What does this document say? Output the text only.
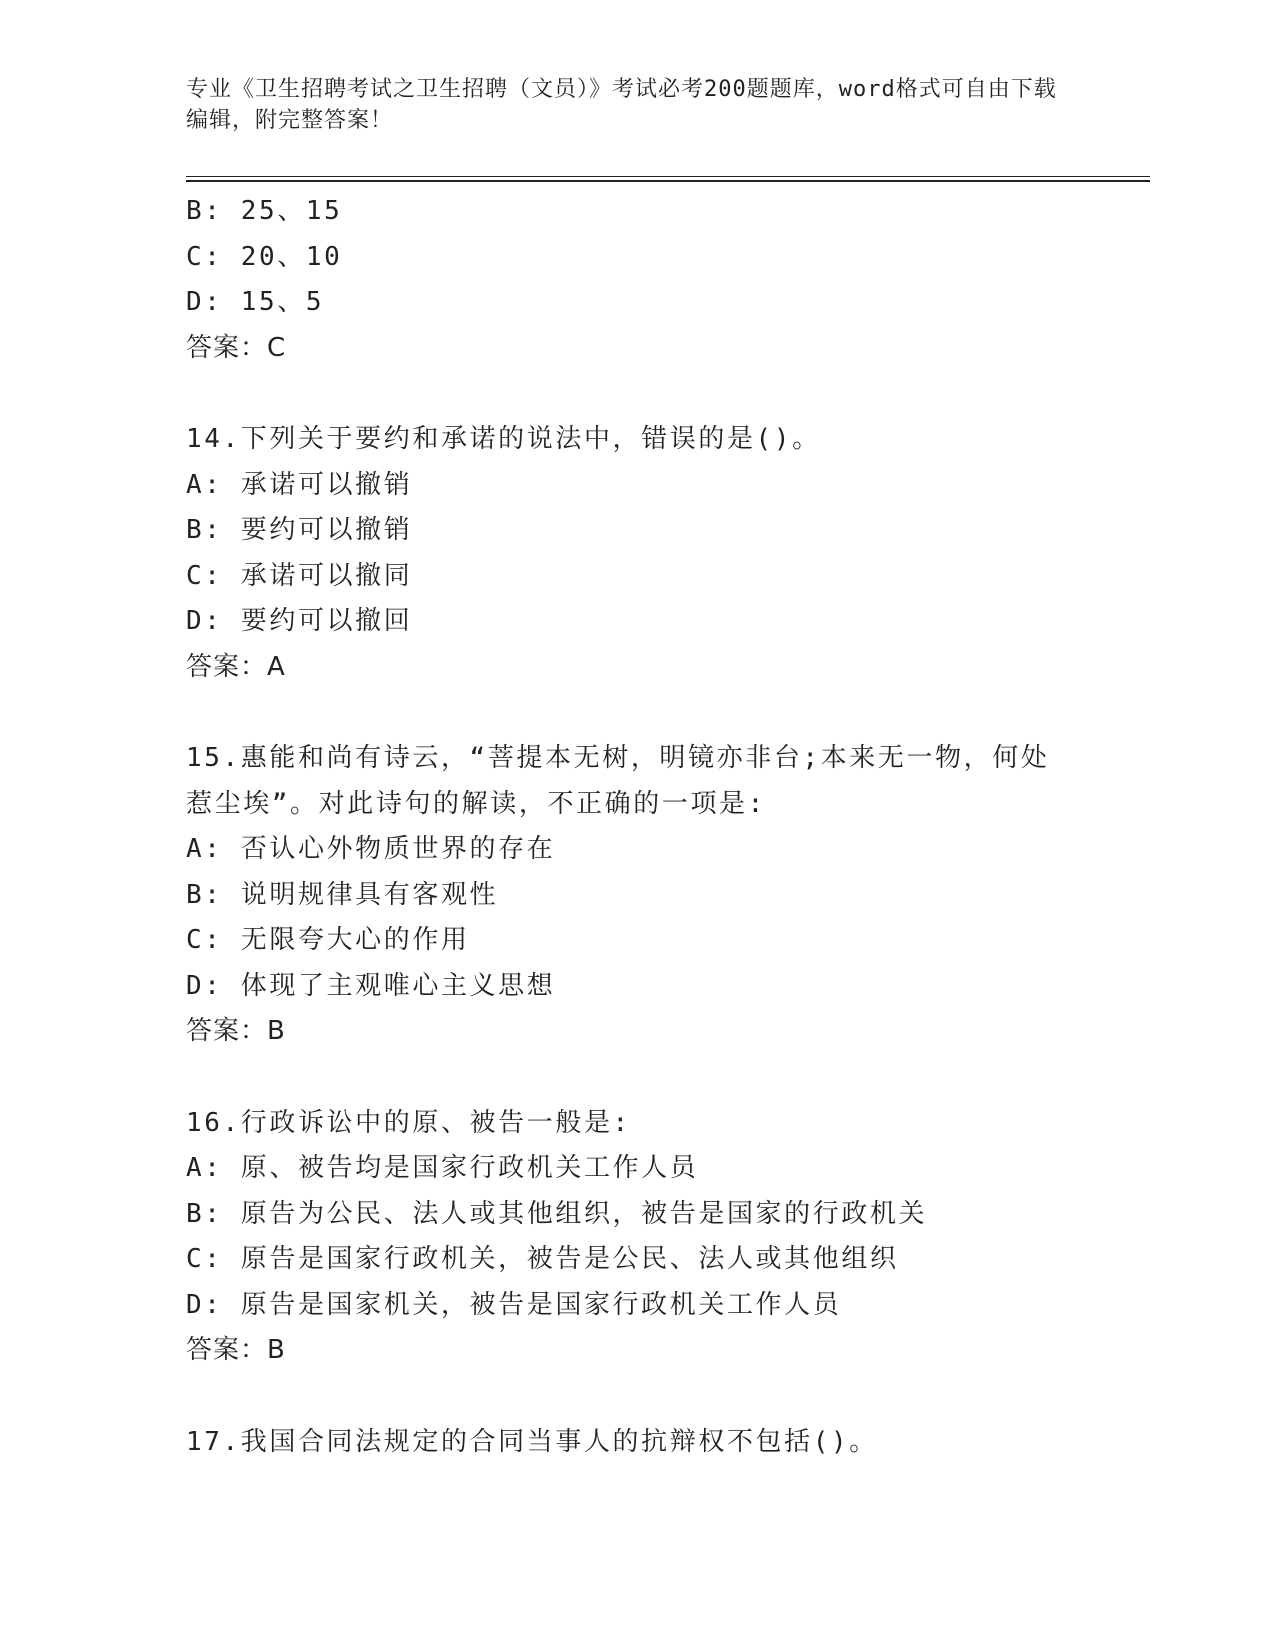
专业《卫生招聘考试之卫生招聘（文员）》考试必考200题题库，word格式可自由下载编辑，附完整答案！
B: 25、15
C: 20、10
D: 15、5
答案：C
14.下列关于要约和承诺的说法中，错误的是()。
A: 承诺可以撤销
B: 要约可以撤销
C: 承诺可以撤同
D: 要约可以撤回
答案：A
15.惠能和尚有诗云，“菩提本无树，明镜亦非台;本来无一物，何处
惹尘埃”。对此诗句的解读，不正确的一项是:
A: 否认心外物质世界的存在
B: 说明规律具有客观性
C: 无限夸大心的作用
D: 体现了主观唯心主义思想
答案：B
16.行政诉讼中的原、被告一般是:
A: 原、被告均是国家行政机关工作人员
B: 原告为公民、法人或其他组织，被告是国家的行政机关
C: 原告是国家行政机关，被告是公民、法人或其他组织
D: 原告是国家机关，被告是国家行政机关工作人员
答案：B
17.我国合同法规定的合同当事人的抗辩权不包括()。
